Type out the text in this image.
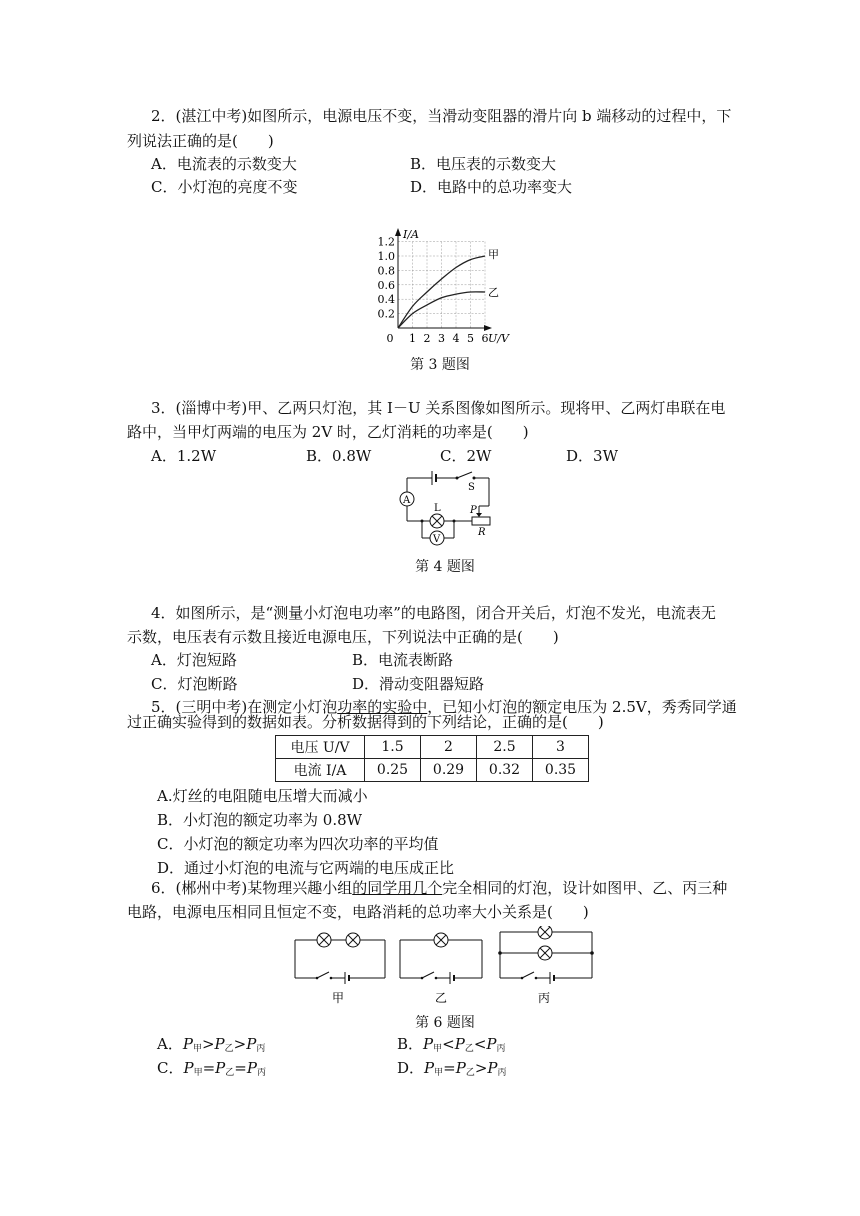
2．(湛江中考)如图所示，电源电压不变，当滑动变阻器的滑片向 b 端移动的过程中，下
列说法正确的是(　　)
A．电流表的示数变大	B．电压表的示数变大
C．小灯泡的亮度不变	D．电路中的总功率变大
I/A
U/V
1.2
1.0
0.8
0.6
0.4
0.2
0 1 2 3 4 5 6
甲
乙
第 3 题图
3．(淄博中考)甲、乙两只灯泡，其 I－U 关系图像如图所示。现将甲、乙两灯串联在电
路中，当甲灯两端的电压为 2V 时，乙灯消耗的功率是(　　)
A．1.2W	B．0.8W	C．2W	D．3W
S
A
L	P
R
V
第 4 题图
4．如图所示，是“测量小灯泡电功率”的电路图，闭合开关后，灯泡不发光，电流表无
示数，电压表有示数且接近电源电压，下列说法中正确的是(　　)
A．灯泡短路	B．电流表断路
C．灯泡断路	D．滑动变阻器短路
5．(三明中考)在测定小灯泡功率的实验中，已知小灯泡的额定电压为 2.5V，秀秀同学通
过正确实验得到的数据如表。分析数据得到的下列结论，正确的是(　　)
电压 U/V	1.5	2	2.5	3
电流 I/A	0.25	0.29	0.32	0.35
A.灯丝的电阻随电压增大而减小
B．小灯泡的额定功率为 0.8W
C．小灯泡的额定功率为四次功率的平均值
D．通过小灯泡的电流与它两端的电压成正比
6．(郴州中考)某物理兴趣小组的同学用几个完全相同的灯泡，设计如图甲、乙、丙三种
电路，电源电压相同且恒定不变，电路消耗的总功率大小关系是(　　)
甲	乙	丙
第 6 题图
A．$P_甲>P_乙>P_丙$	B．$P_甲<P_乙<P_丙$
C．$P_甲=P_乙=P_丙$	D．$P_甲=P_乙>P_丙$
